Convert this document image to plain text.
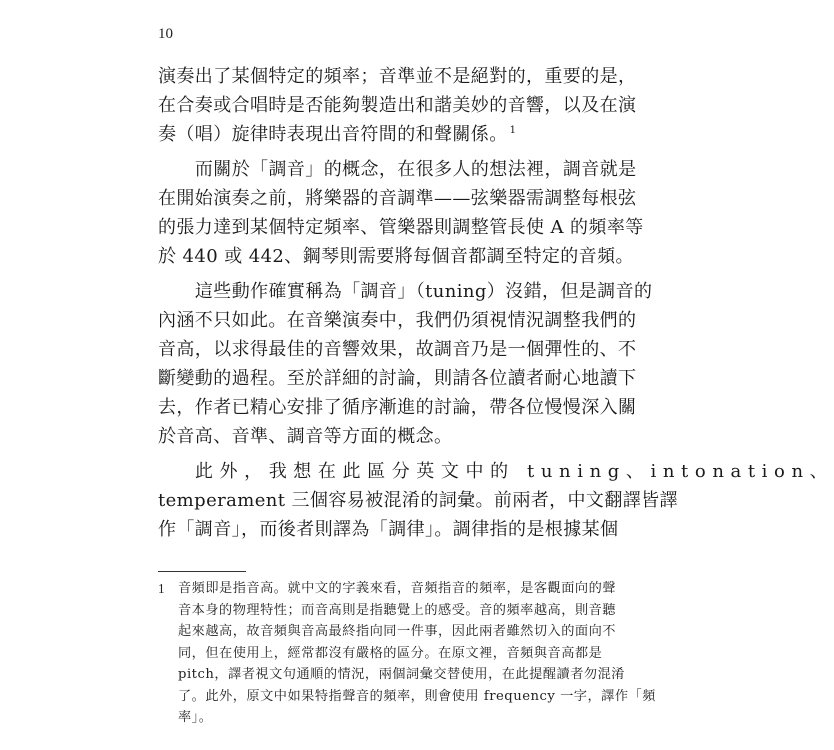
10

演奏出了某個特定的頻率；音準並不是絕對的，重要的是，
在合奏或合唱時是否能夠製造出和諧美妙的音響，以及在演
奏（唱）旋律時表現出音符間的和聲關係。 $^1$

而關於「調音」的概念，在很多人的想法裡，調音就是
在開始演奏之前，將樂器的音調準——弦樂器需調整每根弦
的張力達到某個特定頻率、管樂器則調整管長使 A 的頻率等
於 440 或 442、鋼琴則需要將每個音都調至特定的音頻。

這些動作確實稱為「調音」（tuning）沒錯，但是調音的
內涵不只如此。在音樂演奏中，我們仍須視情況調整我們的
音高，以求得最佳的音響效果，故調音乃是一個彈性的、不
斷變動的過程。至於詳細的討論，則請各位讀者耐心地讀下
去，作者已精心安排了循序漸進的討論，帶各位慢慢深入關
於音高、音準、調音等方面的概念。

此外，我想在此區分英文中的 tuning、intonation、
temperament 三個容易被混淆的詞彙。前兩者，中文翻譯皆譯
作「調音」，而後者則譯為「調律」。調律指的是根據某個

1 音頻即是指音高。就中文的字義來看，音頻指音的頻率，是客觀面向的聲
音本身的物理特性；而音高則是指聽覺上的感受。音的頻率越高，則音聽
起來越高，故音頻與音高最終指向同一件事，因此兩者雖然切入的面向不
同，但在使用上，經常都沒有嚴格的區分。在原文裡，音頻與音高都是
pitch，譯者視文句通順的情況，兩個詞彙交替使用，在此提醒讀者勿混淆
了。此外，原文中如果特指聲音的頻率，則會使用 frequency 一字，譯作「頻
率」。
